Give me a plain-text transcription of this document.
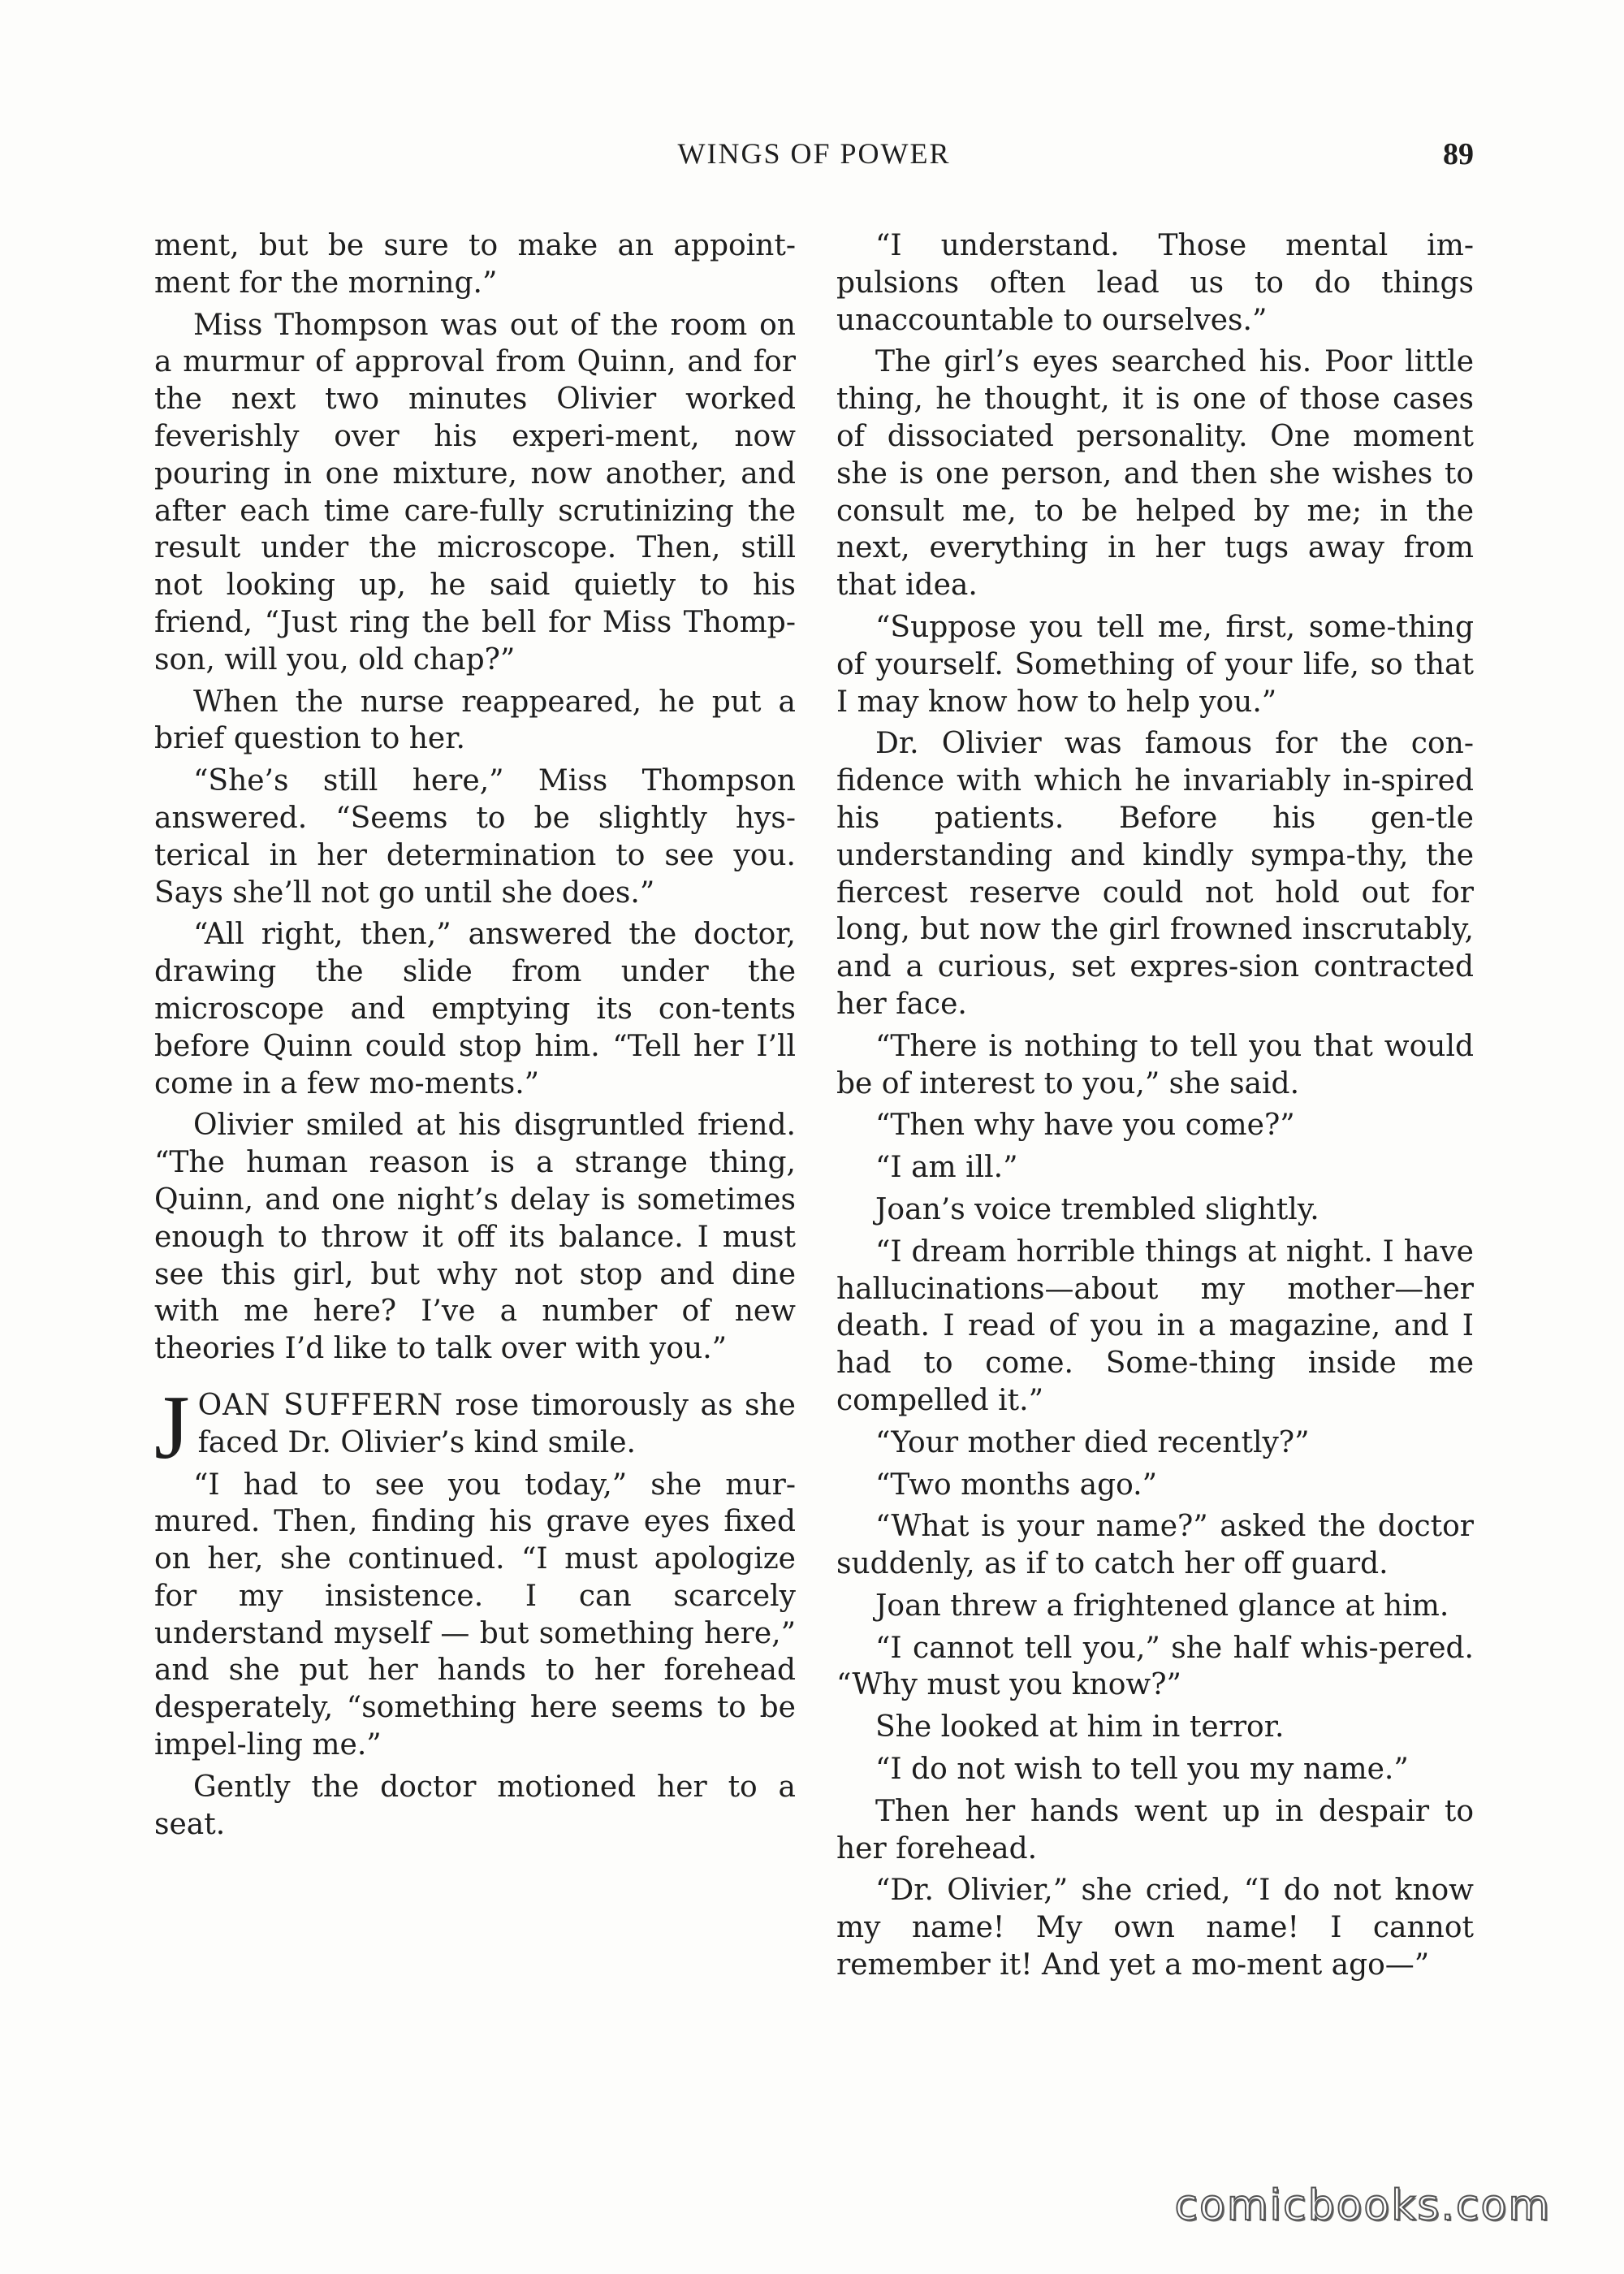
WINGS OF POWER	89

ment, but be sure to make an appoint-ment for the morning.”

Miss Thompson was out of the room on a murmur of approval from Quinn, and for the next two minutes Olivier worked feverishly over his experi-ment, now pouring in one mixture, now another, and after each time care-fully scrutinizing the result under the microscope. Then, still not looking up, he said quietly to his friend, “Just ring the bell for Miss Thomp-son, will you, old chap?”

When the nurse reappeared, he put a brief question to her.

“She’s still here,” Miss Thompson answered. “Seems to be slightly hys-terical in her determination to see you. Says she’ll not go until she does.”

“All right, then,” answered the doctor, drawing the slide from under the microscope and emptying its con-tents before Quinn could stop him. “Tell her I’ll come in a few mo-ments.”

Olivier smiled at his disgruntled friend. “The human reason is a strange thing, Quinn, and one night’s delay is sometimes enough to throw it off its balance. I must see this girl, but why not stop and dine with me here? I’ve a number of new theories I’d like to talk over with you.”

JOAN SUFFERN rose timorously as she faced Dr. Olivier’s kind smile.

“I had to see you today,” she mur-mured. Then, finding his grave eyes fixed on her, she continued. “I must apologize for my insistence. I can scarcely understand myself — but something here,” and she put her hands to her forehead desperately, “something here seems to be impel-ling me.”

Gently the doctor motioned her to a seat.

“I understand. Those mental im-pulsions often lead us to do things unaccountable to ourselves.”

The girl’s eyes searched his. Poor little thing, he thought, it is one of those cases of dissociated personality. One moment she is one person, and then she wishes to consult me, to be helped by me; in the next, everything in her tugs away from that idea.

“Suppose you tell me, first, some-thing of yourself. Something of your life, so that I may know how to help you.”

Dr. Olivier was famous for the con-fidence with which he invariably in-spired his patients. Before his gen-tle understanding and kindly sympa-thy, the fiercest reserve could not hold out for long, but now the girl frowned inscrutably, and a curious, set expres-sion contracted her face.

“There is nothing to tell you that would be of interest to you,” she said.

“Then why have you come?”

“I am ill.”

Joan’s voice trembled slightly.

“I dream horrible things at night. I have hallucinations—about my mother—her death. I read of you in a magazine, and I had to come. Some-thing inside me compelled it.”

“Your mother died recently?”

“Two months ago.”

“What is your name?” asked the doctor suddenly, as if to catch her off guard.

Joan threw a frightened glance at him.

“I cannot tell you,” she half whis-pered. “Why must you know?”

She looked at him in terror.

“I do not wish to tell you my name.”

Then her hands went up in despair to her forehead.

“Dr. Olivier,” she cried, “I do not know my name! My own name! I cannot remember it! And yet a mo-ment ago—”

comicbooks.com
